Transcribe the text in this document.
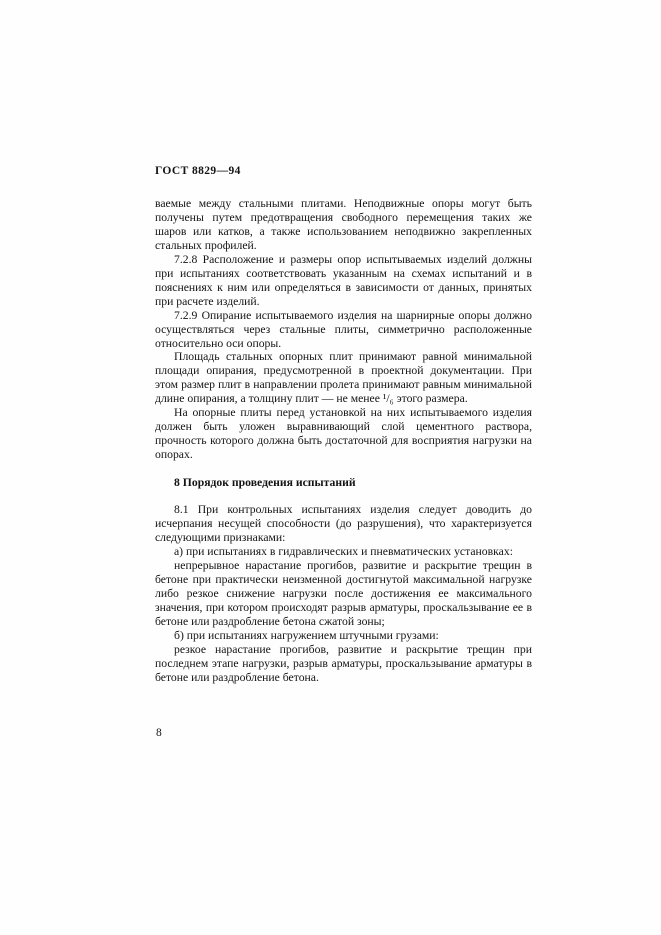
ГОСТ 8829—94

ваемые между стальными плитами. Неподвижные опоры могут быть получены путем предотвращения свободного перемещения таких же шаров или катков, а также использованием неподвижно закрепленных стальных профилей.

7.2.8 Расположение и размеры опор испытываемых изделий должны при испытаниях соответствовать указанным на схемах испытаний и в пояснениях к ним или определяться в зависимости от данных, принятых при расчете изделий.

7.2.9 Опирание испытываемого изделия на шарнирные опоры должно осуществляться через стальные плиты, симметрично расположенные относительно оси опоры.

Площадь стальных опорных плит принимают равной минимальной площади опирания, предусмотренной в проектной документации. При этом размер плит в направлении пролета принимают равным минимальной длине опирания, а толщину плит — не менее ¹/₆ этого размера.

На опорные плиты перед установкой на них испытываемого изделия должен быть уложен выравнивающий слой цементного раствора, прочность которого должна быть достаточной для восприятия нагрузки на опорах.

8 Порядок проведения испытаний

8.1 При контрольных испытаниях изделия следует доводить до исчерпания несущей способности (до разрушения), что характеризуется следующими признаками:

а) при испытаниях в гидравлических и пневматических установках:

непрерывное нарастание прогибов, развитие и раскрытие трещин в бетоне при практически неизменной достигнутой максимальной нагрузке либо резкое снижение нагрузки после достижения ее максимального значения, при котором происходят разрыв арматуры, проскальзывание ее в бетоне или раздробление бетона сжатой зоны;

б) при испытаниях нагружением штучными грузами:

резкое нарастание прогибов, развитие и раскрытие трещин при последнем этапе нагрузки, разрыв арматуры, проскальзывание арматуры в бетоне или раздробление бетона.

8
